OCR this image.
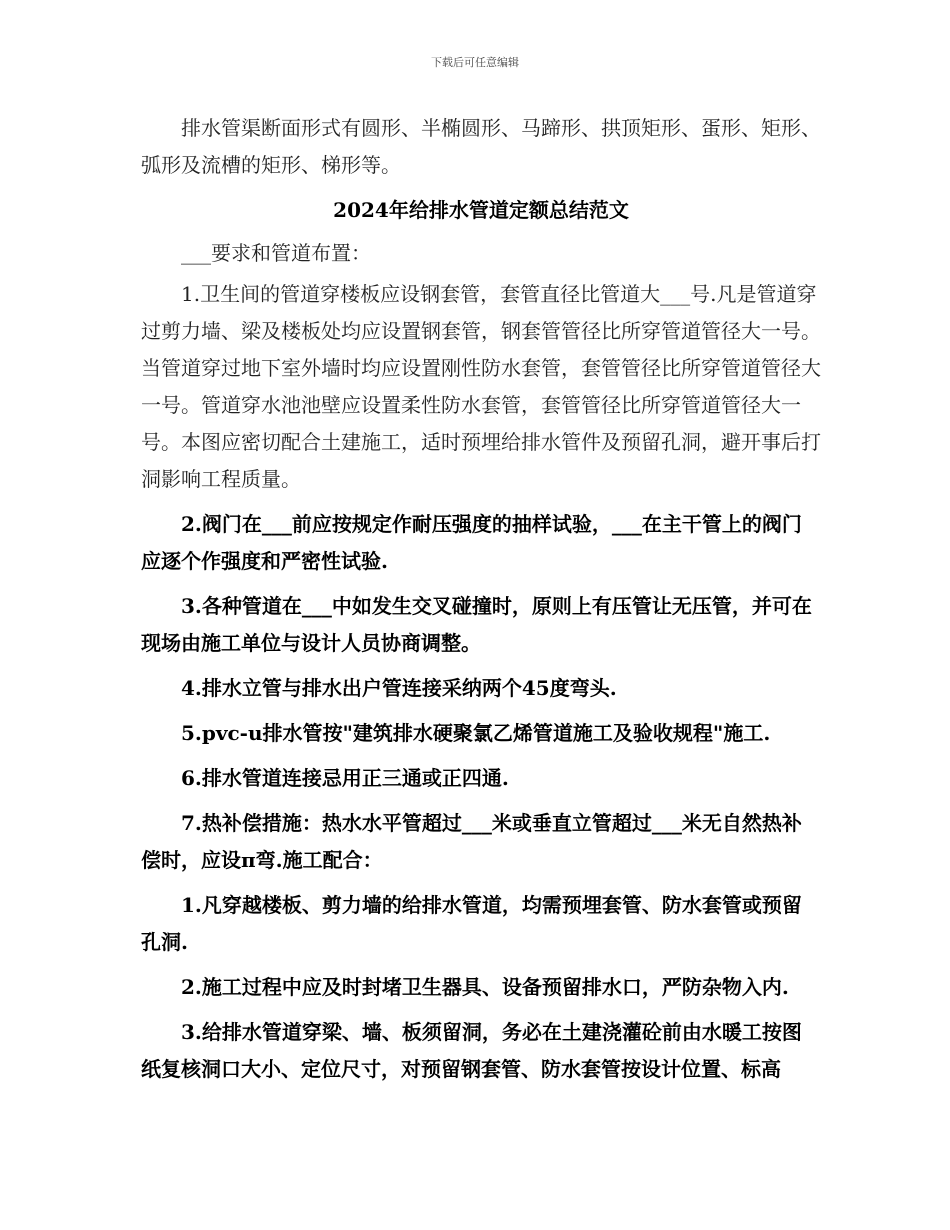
下载后可任意编辑

排水管渠断面形式有圆形、半椭圆形、马蹄形、拱顶矩形、蛋形、矩形、弧形及流槽的矩形、梯形等。

2024年给排水管道定额总结范文

___要求和管道布置：

1.卫生间的管道穿楼板应设钢套管，套管直径比管道大___号.凡是管道穿过剪力墙、梁及楼板处均应设置钢套管，钢套管管径比所穿管道管径大一号。当管道穿过地下室外墙时均应设置刚性防水套管，套管管径比所穿管道管径大一号。管道穿水池池壁应设置柔性防水套管，套管管径比所穿管道管径大一号。本图应密切配合土建施工，适时预埋给排水管件及预留孔洞，避开事后打洞影响工程质量。

2.阀门在___前应按规定作耐压强度的抽样试验，___在主干管上的阀门应逐个作强度和严密性试验.

3.各种管道在___中如发生交叉碰撞时，原则上有压管让无压管，并可在现场由施工单位与设计人员协商调整。

4.排水立管与排水出户管连接采纳两个45度弯头.

5.pvc-u排水管按"建筑排水硬聚氯乙烯管道施工及验收规程"施工.

6.排水管道连接忌用正三通或正四通.

7.热补偿措施：热水水平管超过___米或垂直立管超过___米无自然热补偿时，应设π弯.施工配合：

1.凡穿越楼板、剪力墙的给排水管道，均需预埋套管、防水套管或预留孔洞.

2.施工过程中应及时封堵卫生器具、设备预留排水口，严防杂物入内.

3.给排水管道穿梁、墙、板须留洞，务必在土建浇灌砼前由水暖工按图纸复核洞口大小、定位尺寸，对预留钢套管、防水套管按设计位置、标高
